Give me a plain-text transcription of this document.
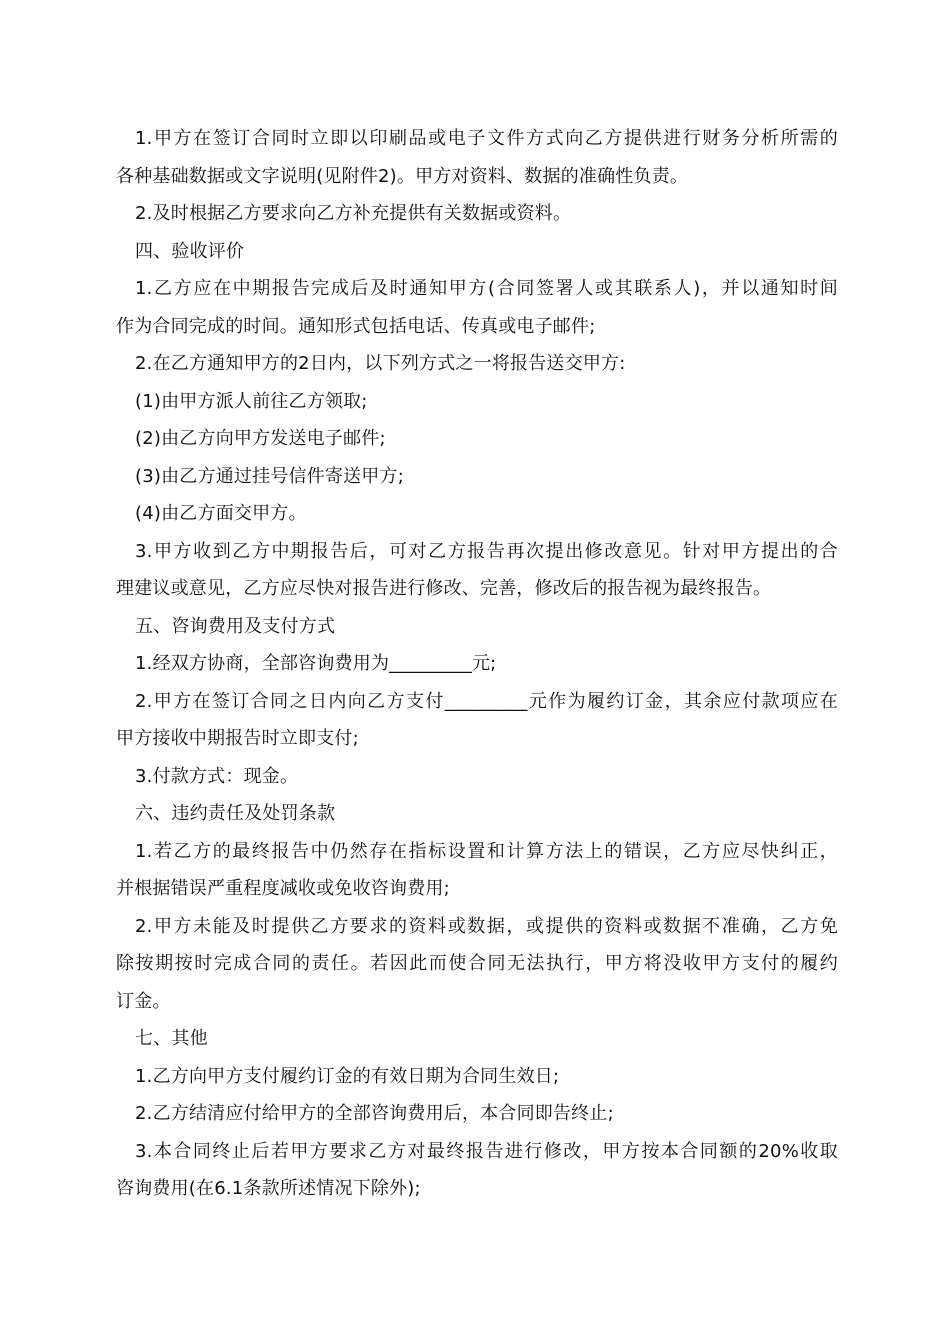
1.甲方在签订合同时立即以印刷品或电子文件方式向乙方提供进行财务分析所需的
各种基础数据或文字说明(见附件2)。甲方对资料、数据的准确性负责。
2.及时根据乙方要求向乙方补充提供有关数据或资料。
四、验收评价
1.乙方应在中期报告完成后及时通知甲方(合同签署人或其联系人)，并以通知时间
作为合同完成的时间。通知形式包括电话、传真或电子邮件;
2.在乙方通知甲方的2日内，以下列方式之一将报告送交甲方:
(1)由甲方派人前往乙方领取;
(2)由乙方向甲方发送电子邮件;
(3)由乙方通过挂号信件寄送甲方;
(4)由乙方面交甲方。
3.甲方收到乙方中期报告后，可对乙方报告再次提出修改意见。针对甲方提出的合
理建议或意见，乙方应尽快对报告进行修改、完善，修改后的报告视为最终报告。
五、咨询费用及支付方式
1.经双方协商，全部咨询费用为_________元;
2.甲方在签订合同之日内向乙方支付_________元作为履约订金，其余应付款项应在
甲方接收中期报告时立即支付;
3.付款方式：现金。
六、违约责任及处罚条款
1.若乙方的最终报告中仍然存在指标设置和计算方法上的错误，乙方应尽快纠正，
并根据错误严重程度减收或免收咨询费用;
2.甲方未能及时提供乙方要求的资料或数据，或提供的资料或数据不准确，乙方免
除按期按时完成合同的责任。若因此而使合同无法执行，甲方将没收甲方支付的履约
订金。
七、其他
1.乙方向甲方支付履约订金的有效日期为合同生效日;
2.乙方结清应付给甲方的全部咨询费用后，本合同即告终止;
3.本合同终止后若甲方要求乙方对最终报告进行修改，甲方按本合同额的20%收取
咨询费用(在6.1条款所述情况下除外);
